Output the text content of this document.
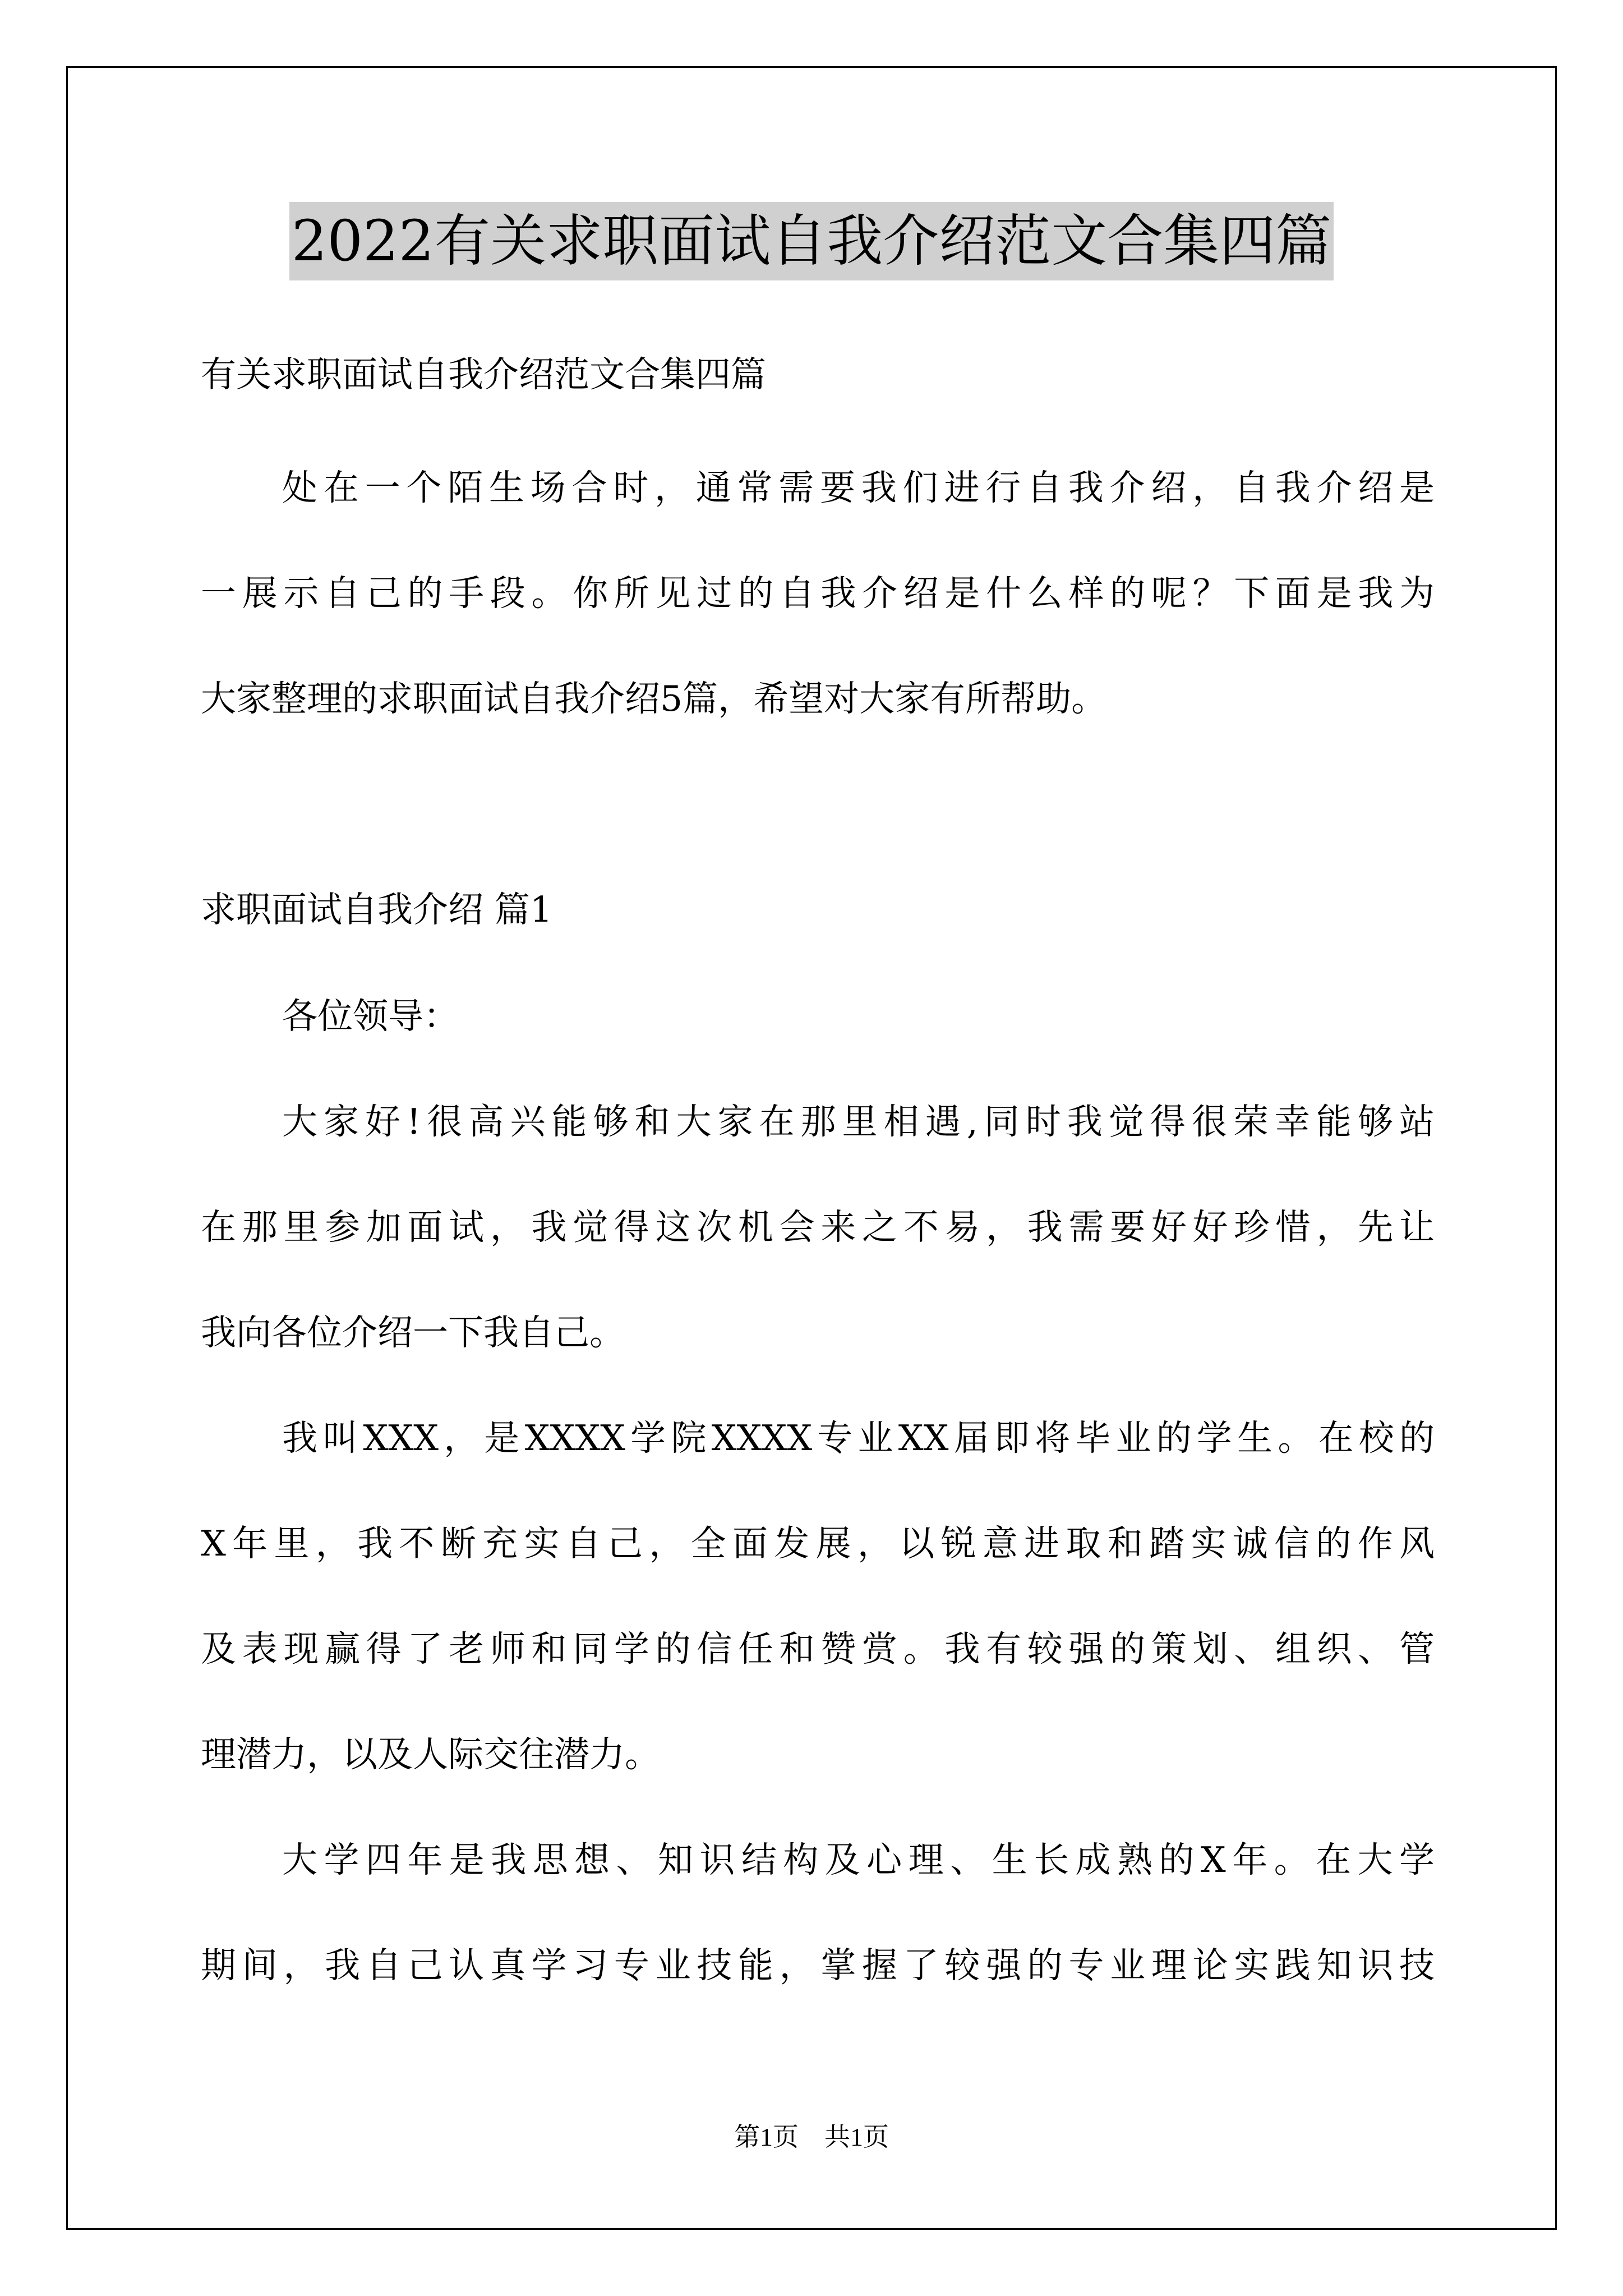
2022有关求职面试自我介绍范文合集四篇
有关求职面试自我介绍范文合集四篇
处在一个陌生场合时，通常需要我们进行自我介绍，自我介绍是
一展示自己的手段。你所见过的自我介绍是什么样的呢？下面是我为
大家整理的求职面试自我介绍5篇，希望对大家有所帮助。
求职面试自我介绍 篇1
各位领导：
大家好!很高兴能够和大家在那里相遇,同时我觉得很荣幸能够站
在那里参加面试，我觉得这次机会来之不易，我需要好好珍惜，先让
我向各位介绍一下我自己。
我叫XXX，是XXXX学院XXXX专业XX届即将毕业的学生。在校的
X年里，我不断充实自己，全面发展，以锐意进取和踏实诚信的作风
及表现赢得了老师和同学的信任和赞赏。我有较强的策划、组织、管
理潜力，以及人际交往潜力。
大学四年是我思想、知识结构及心理、生长成熟的X年。在大学
期间，我自己认真学习专业技能，掌握了较强的专业理论实践知识技
第1页　共1页
